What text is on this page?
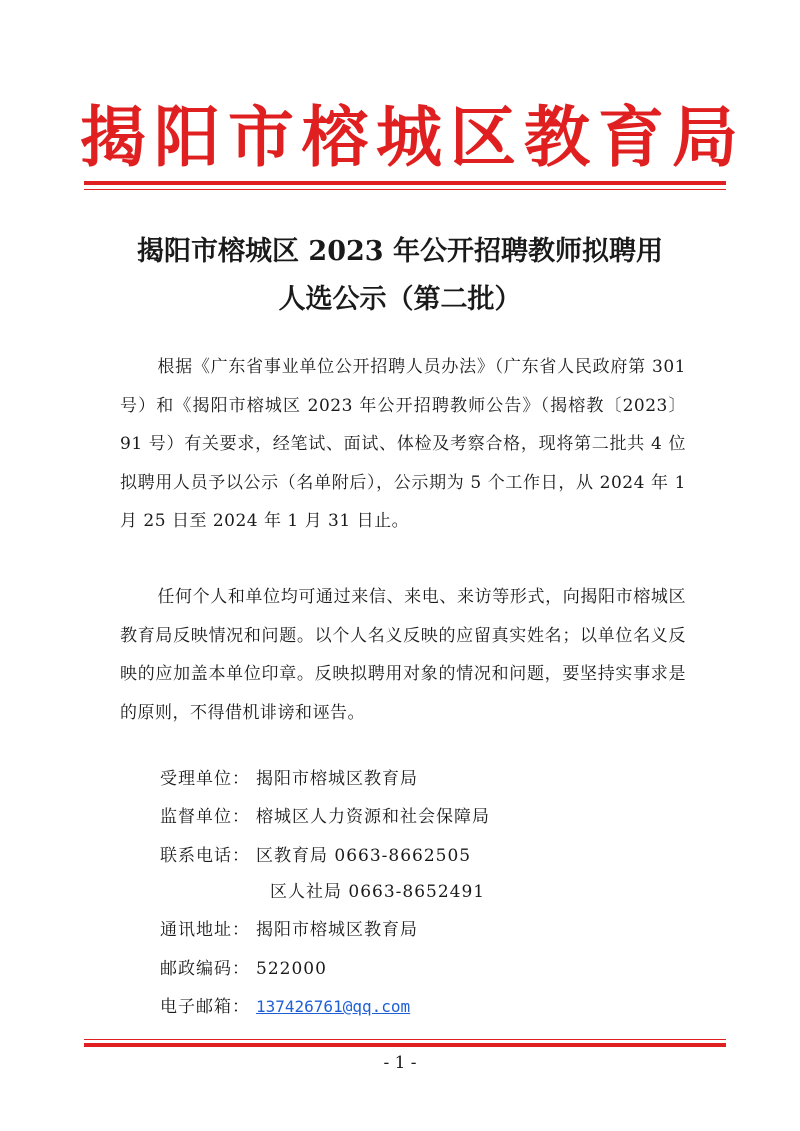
揭阳市榕城区教育局
揭阳市榕城区 2023 年公开招聘教师拟聘用
人选公示（第二批）

根据《广东省事业单位公开招聘人员办法》（广东省人民政府第 301 号）和《揭阳市榕城区 2023 年公开招聘教师公告》（揭榕教〔2023〕91 号）有关要求，经笔试、面试、体检及考察合格，现将第二批共 4 位拟聘用人员予以公示（名单附后），公示期为 5 个工作日，从 2024 年 1 月 25 日至 2024 年 1 月 31 日止。

任何个人和单位均可通过来信、来电、来访等形式，向揭阳市榕城区教育局反映情况和问题。以个人名义反映的应留真实姓名；以单位名义反映的应加盖本单位印章。反映拟聘用对象的情况和问题，要坚持实事求是的原则，不得借机诽谤和诬告。

受理单位： 揭阳市榕城区教育局
监督单位： 榕城区人力资源和社会保障局
联系电话： 区教育局 0663-8662505
区人社局 0663-8652491
通讯地址： 揭阳市榕城区教育局
邮政编码： 522000
电子邮箱： 137426761@qq.com
- 1 -
